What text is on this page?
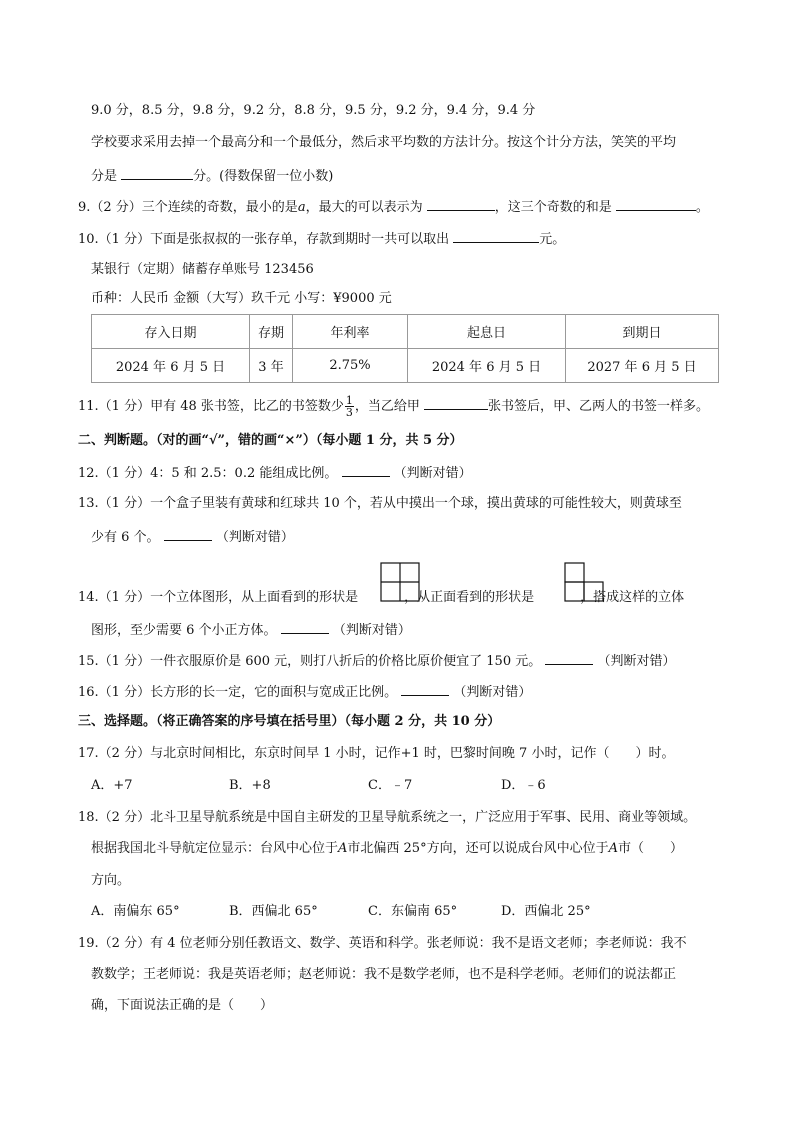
9.0 分，8.5 分，9.8 分，9.2 分，8.8 分，9.5 分，9.2 分，9.4 分，9.4 分
学校要求采用去掉一个最高分和一个最低分，然后求平均数的方法计分。按这个计分方法，笑笑的平均
分是	分。(得数保留一位小数)
9.（2 分）三个连续的奇数，最小的是a，最大的可以表示为	，这三个奇数的和是	。
10.（1 分）下面是张叔叔的一张存单，存款到期时一共可以取出	元。
某银行（定期）储蓄存单账号 123456
币种：人民币 金额（大写）玖千元 小写：¥9000 元
存入日期	存期	年利率	起息日	到期日
2024 年 6 月 5 日	3 年	2.75%	2024 年 6 月 5 日	2027 年 6 月 5 日
11.（1 分）甲有 48 张书签，比乙的书签数少 $\frac{1}{3}$ ，当乙给甲	张书签后，甲、乙两人的书签一样多。
二、判断题。（对的画“√”，错的画“×”）（每小题 1 分，共 5 分）
12.（1 分）4：5 和 2.5：0.2 能组成比例。	（判断对错）
13.（1 分）一个盒子里装有黄球和红球共 10 个，若从中摸出一个球，摸出黄球的可能性较大，则黄球至
少有 6 个。	（判断对错）
14.（1 分）一个立体图形，从上面看到的形状是	，从正面看到的形状是	，搭成这样的立体
图形，至少需要 6 个小正方体。	（判断对错）
15.（1 分）一件衣服原价是 600 元，则打八折后的价格比原价便宜了 150 元。	（判断对错）
16.（1 分）长方形的长一定，它的面积与宽成正比例。	（判断对错）
三、选择题。（将正确答案的序号填在括号里）（每小题 2 分，共 10 分）
17.（2 分）与北京时间相比，东京时间早 1 小时，记作+1 时，巴黎时间晚 7 小时，记作（　　）时。
A．+7	B．+8	C．﹣7	D．﹣6
18.（2 分）北斗卫星导航系统是中国自主研发的卫星导航系统之一，广泛应用于军事、民用、商业等领域。
根据我国北斗导航定位显示：台风中心位于A市北偏西 25°方向，还可以说成台风中心位于A市（　　）
方向。
A．南偏东 65°	B．西偏北 65°	C．东偏南 65°	D．西偏北 25°
19.（2 分）有 4 位老师分别任教语文、数学、英语和科学。张老师说：我不是语文老师；李老师说：我不
教数学；王老师说：我是英语老师；赵老师说：我不是数学老师，也不是科学老师。老师们的说法都正
确，下面说法正确的是（　　）
